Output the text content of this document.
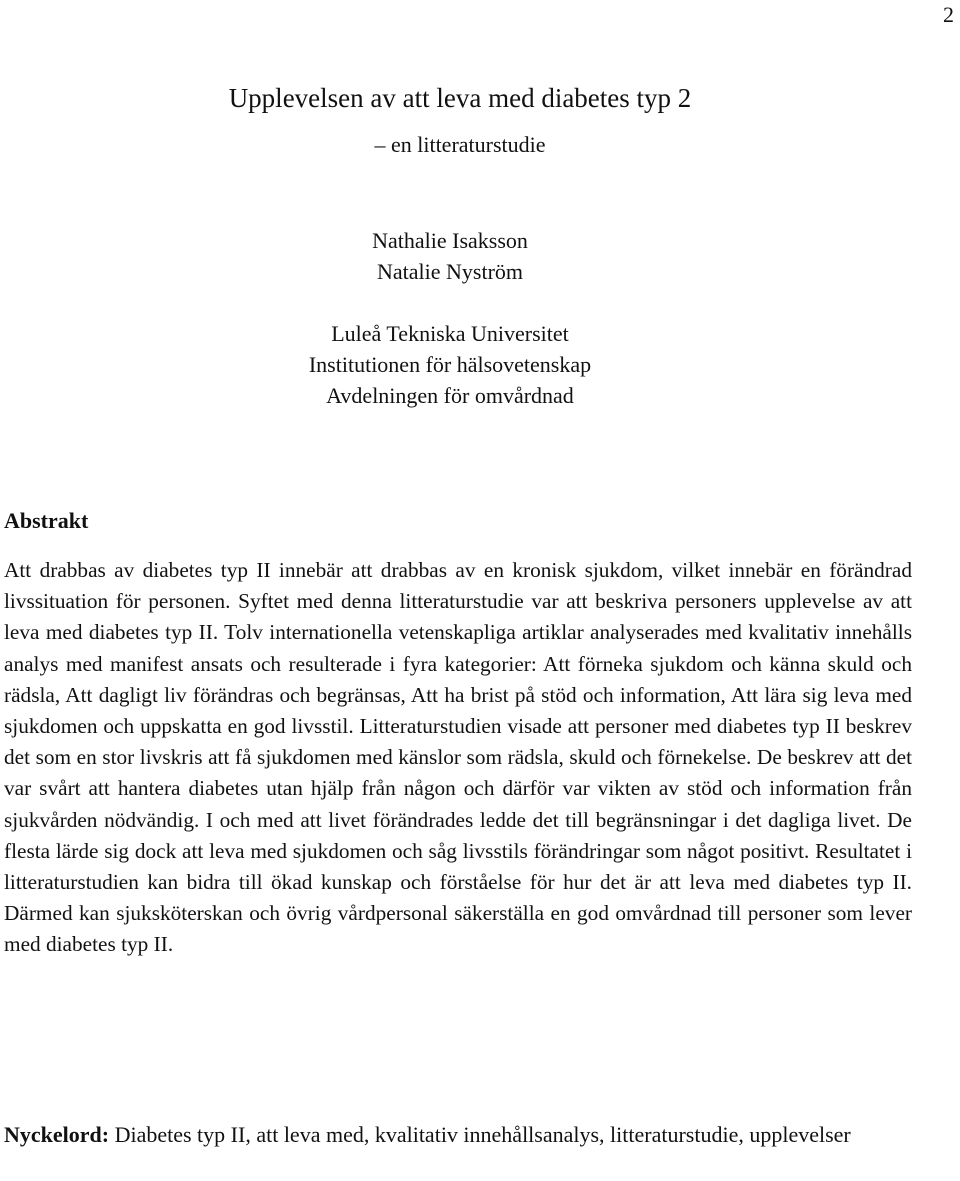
2
Upplevelsen av att leva med diabetes typ 2
– en litteraturstudie
Nathalie Isaksson
Natalie Nyström
Luleå Tekniska Universitet
Institutionen för hälsovetenskap
Avdelningen för omvårdnad
Abstrakt

Att drabbas av diabetes typ II innebär att drabbas av en kronisk sjukdom, vilket innebär en förändrad livssituation för personen. Syftet med denna litteraturstudie var att beskriva personers upplevelse av att leva med diabetes typ II. Tolv internationella vetenskapliga artiklar analyserades med kvalitativ innehålls analys med manifest ansats och resulterade i fyra kategorier: Att förneka sjukdom och känna skuld och rädsla, Att dagligt liv förändras och begränsas, Att ha brist på stöd och information, Att lära sig leva med sjukdomen och uppskatta en god livsstil. Litteraturstudien visade att personer med diabetes typ II beskrev det som en stor livskris att få sjukdomen med känslor som rädsla, skuld och förnekelse. De beskrev att det var svårt att hantera diabetes utan hjälp från någon och därför var vikten av stöd och information från sjukvården nödvändig. I och med att livet förändrades ledde det till begränsningar i det dagliga livet. De flesta lärde sig dock att leva med sjukdomen och såg livsstils förändringar som något positivt. Resultatet i litteraturstudien kan bidra till ökad kunskap och förståelse för hur det är att leva med diabetes typ II. Därmed kan sjuksköterskan och övrig vårdpersonal säkerställa en god omvårdnad till personer som lever med diabetes typ II.

Nyckelord: Diabetes typ II, att leva med, kvalitativ innehållsanalys, litteraturstudie, upplevelser
